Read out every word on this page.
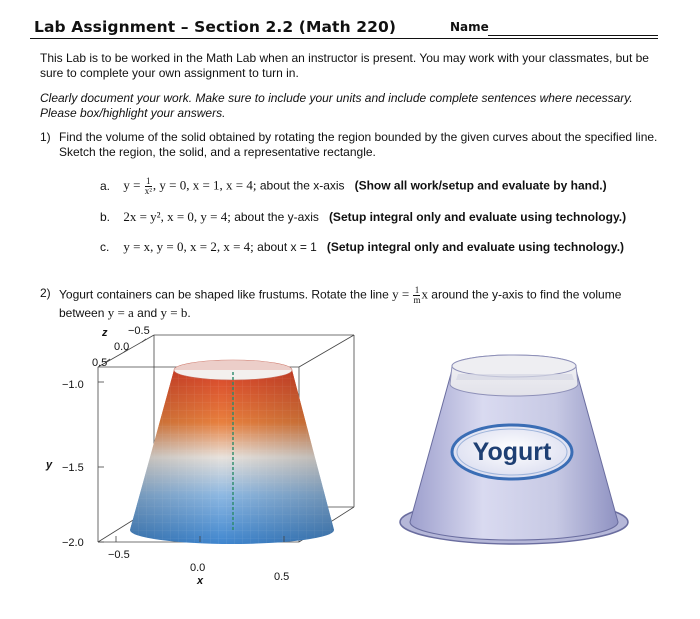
Lab Assignment – Section 2.2 (Math 220)	Name
This Lab is to be worked in the Math Lab when an instructor is present. You may work with your classmates, but be sure to complete your own assignment to turn in.
Clearly document your work. Make sure to include your units and include complete sentences where necessary. Please box/highlight your answers.
1) Find the volume of the solid obtained by rotating the region bounded by the given curves about the specified line. Sketch the region, the solid, and a representative rectangle.
a. $y = \frac{1}{\text{x²}}$ , y = 0, x = 1, x = 4; about the x-axis (Show all work/setup and evaluate by hand.)
b. 2x = y², x = 0, y = 4; about the y-axis (Setup integral only and evaluate using technology.)
c. y = x, y = 0, x = 2, x = 4; about x = 1 (Setup integral only and evaluate using technology.)
2) Yogurt containers can be shaped like frustums. Rotate the line $y = \frac{1}{m}$ x around the y-axis to find the volume between y = a and y = b.
z −0.5
0.0
0.5
−1.0
y −1.5
−2.0
−0.5
0.0
0.5
x
Yogurt
